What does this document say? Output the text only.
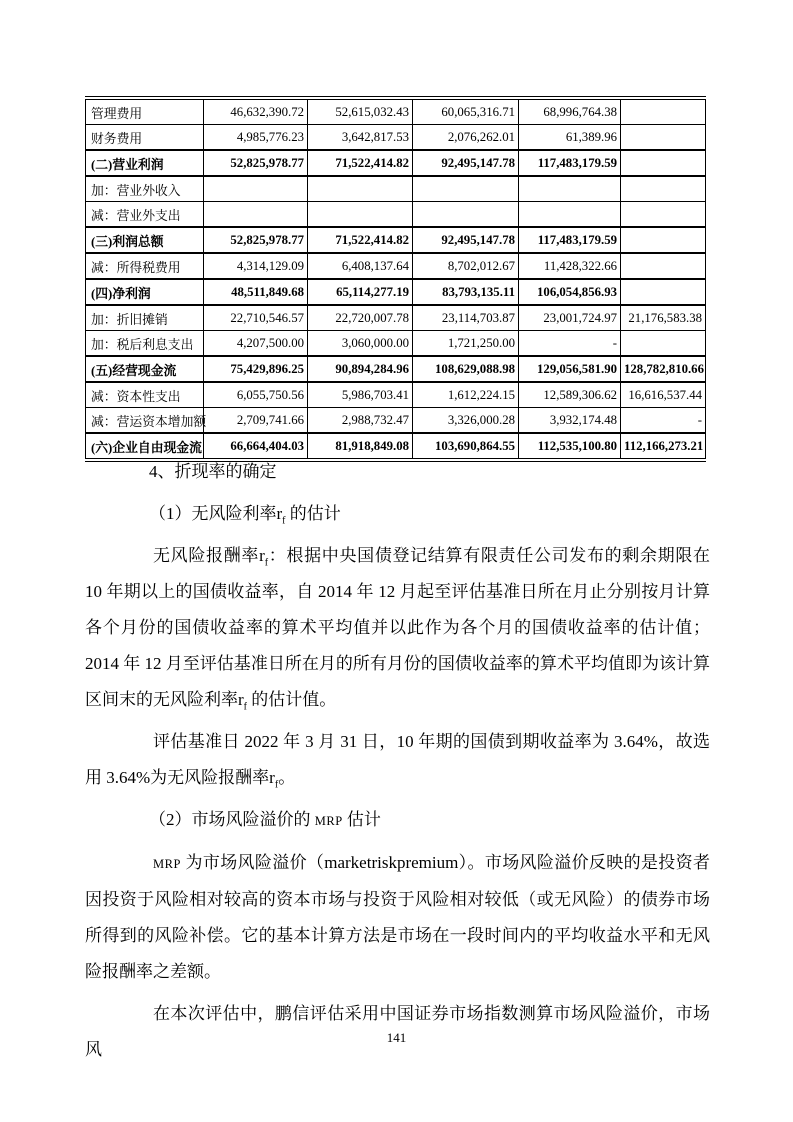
管理费用	46,632,390.72	52,615,032.43	60,065,316.71	68,996,764.38	
财务费用	4,985,776.23	3,642,817.53	2,076,262.01	61,389.96	
(二)营业利润	52,825,978.77	71,522,414.82	92,495,147.78	117,483,179.59	
加：营业外收入					
减：营业外支出					
(三)利润总额	52,825,978.77	71,522,414.82	92,495,147.78	117,483,179.59	
减：所得税费用	4,314,129.09	6,408,137.64	8,702,012.67	11,428,322.66	
(四)净利润	48,511,849.68	65,114,277.19	83,793,135.11	106,054,856.93	
加：折旧摊销	22,710,546.57	22,720,007.78	23,114,703.87	23,001,724.97	21,176,583.38
加：税后利息支出	4,207,500.00	3,060,000.00	1,721,250.00	-	
(五)经营现金流	75,429,896.25	90,894,284.96	108,629,088.98	129,056,581.90	128,782,810.66
减：资本性支出	6,055,750.56	5,986,703.41	1,612,224.15	12,589,306.62	16,616,537.44
减：营运资本增加额	2,709,741.66	2,988,732.47	3,326,000.28	3,932,174.48	-
(六)企业自由现金流	66,664,404.03	81,918,849.08	103,690,864.55	112,535,100.80	112,166,273.21
4、折现率的确定
（1）无风险利率$r_f$ 的估计
无风险报酬率$r_f$：根据中央国债登记结算有限责任公司发布的剩余期限在 10 年期以上的国债收益率，自 2014 年 12 月起至评估基准日所在月止分别按月计算各个月份的国债收益率的算术平均值并以此作为各个月的国债收益率的估计值；2014 年 12 月至评估基准日所在月的所有月份的国债收益率的算术平均值即为该计算区间末的无风险利率$r_f$ 的估计值。
评估基准日 2022 年 3 月 31 日，10 年期的国债到期收益率为 3.64%，故选用 3.64%为无风险报酬率$r_f$。
（2）市场风险溢价的 MRP 估计
MRP 为市场风险溢价（marketriskpremium）。市场风险溢价反映的是投资者因投资于风险相对较高的资本市场与投资于风险相对较低（或无风险）的债券市场所得到的风险补偿。它的基本计算方法是市场在一段时间内的平均收益水平和无风险报酬率之差额。
在本次评估中，鹏信评估采用中国证券市场指数测算市场风险溢价，市场风
141
